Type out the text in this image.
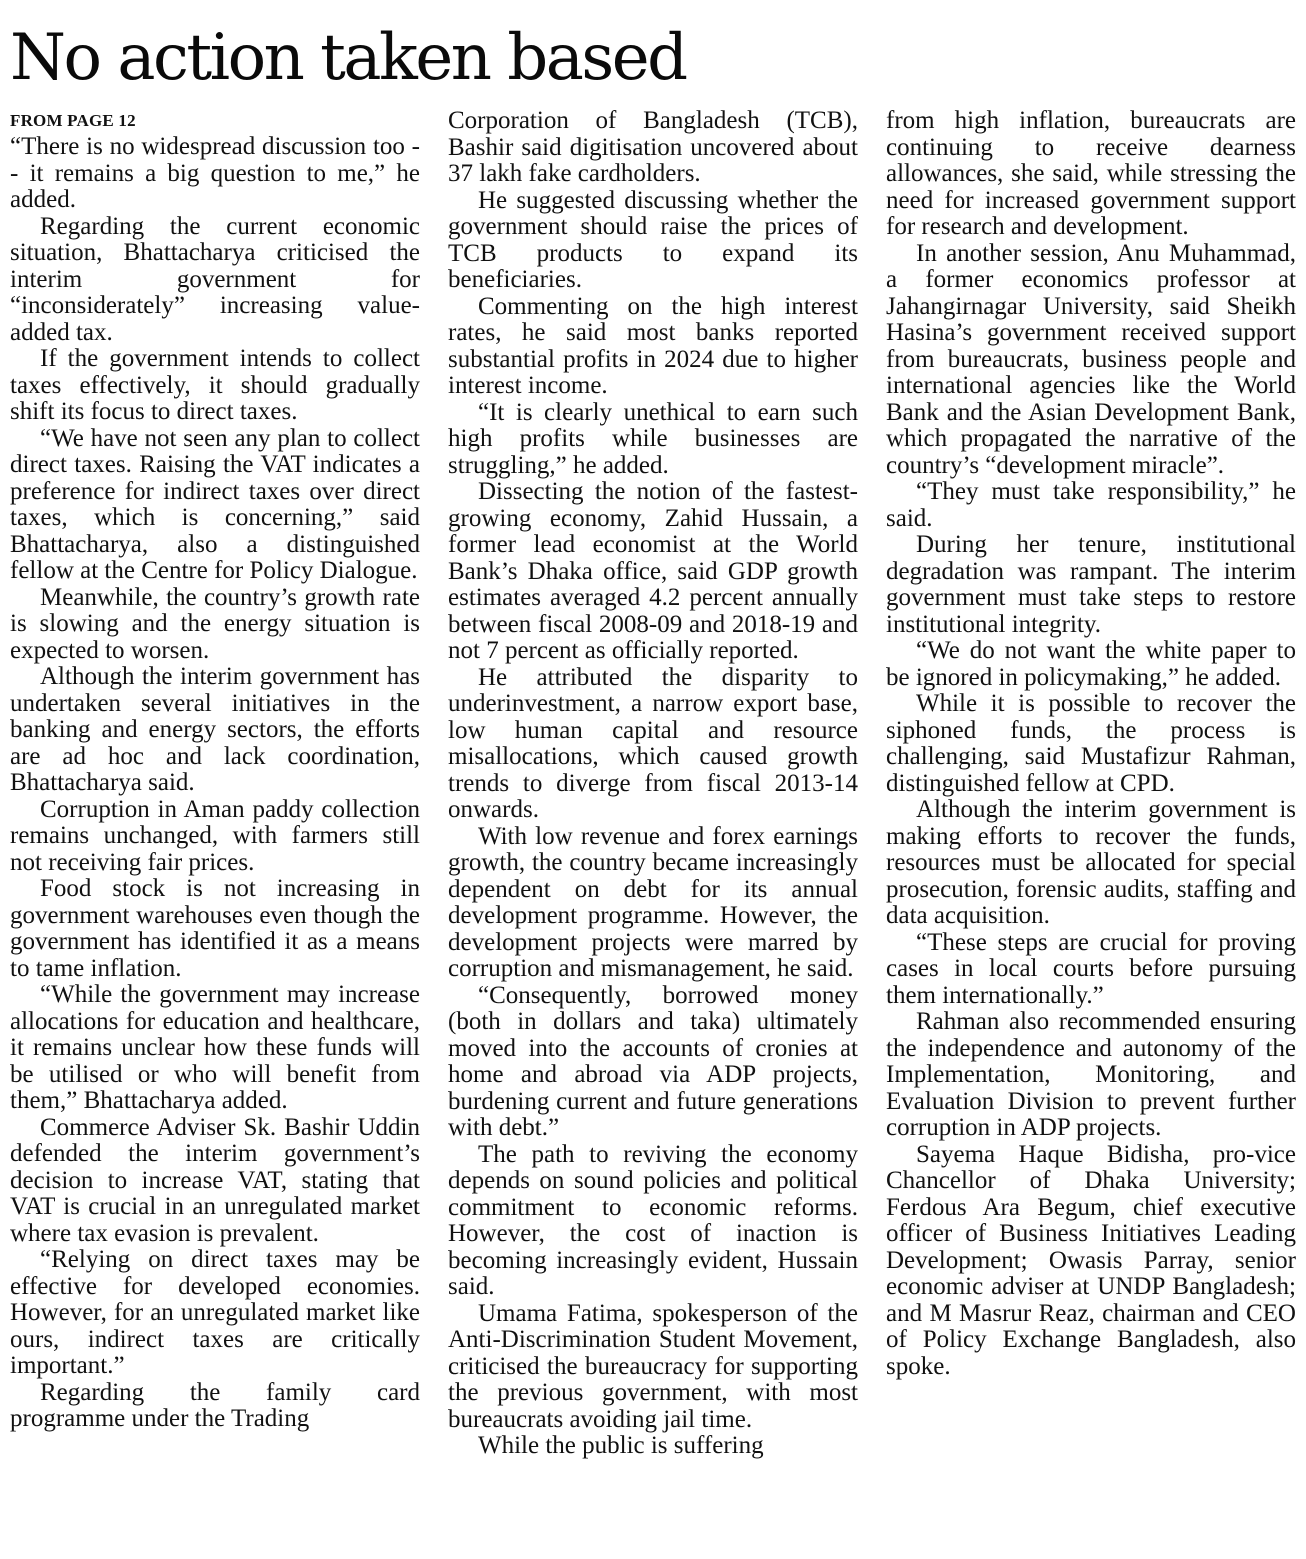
No action taken based
FROM PAGE 12

“There is no widespread discussion too -- it remains a big question to me,” he added.

Regarding the current economic situation, Bhattacharya criticised the interim government for “inconsiderately” increasing value-added tax.

If the government intends to collect taxes effectively, it should gradually shift its focus to direct taxes.

“We have not seen any plan to collect direct taxes. Raising the VAT indicates a preference for indirect taxes over direct taxes, which is concerning,” said Bhattacharya, also a distinguished fellow at the Centre for Policy Dialogue.

Meanwhile, the country’s growth rate is slowing and the energy situation is expected to worsen.

Although the interim government has undertaken several initiatives in the banking and energy sectors, the efforts are ad hoc and lack coordination, Bhattacharya said.

Corruption in Aman paddy collection remains unchanged, with farmers still not receiving fair prices.

Food stock is not increasing in government warehouses even though the government has identified it as a means to tame inflation.

“While the government may increase allocations for education and healthcare, it remains unclear how these funds will be utilised or who will benefit from them,” Bhattacharya added.

Commerce Adviser Sk. Bashir Uddin defended the interim government’s decision to increase VAT, stating that VAT is crucial in an unregulated market where tax evasion is prevalent.

“Relying on direct taxes may be effective for developed economies. However, for an unregulated market like ours, indirect taxes are critically important.”

Regarding the family card programme under the Trading

Corporation of Bangladesh (TCB), Bashir said digitisation uncovered about 37 lakh fake cardholders.

He suggested discussing whether the government should raise the prices of TCB products to expand its beneficiaries.

Commenting on the high interest rates, he said most banks reported substantial profits in 2024 due to higher interest income.

“It is clearly unethical to earn such high profits while businesses are struggling,” he added.

Dissecting the notion of the fastest-growing economy, Zahid Hussain, a former lead economist at the World Bank’s Dhaka office, said GDP growth estimates averaged 4.2 percent annually between fiscal 2008-09 and 2018-19 and not 7 percent as officially reported.

He attributed the disparity to underinvestment, a narrow export base, low human capital and resource misallocations, which caused growth trends to diverge from fiscal 2013-14 onwards.

With low revenue and forex earnings growth, the country became increasingly dependent on debt for its annual development programme. However, the development projects were marred by corruption and mismanagement, he said.

“Consequently, borrowed money (both in dollars and taka) ultimately moved into the accounts of cronies at home and abroad via ADP projects, burdening current and future generations with debt.”

The path to reviving the economy depends on sound policies and political commitment to economic reforms. However, the cost of inaction is becoming increasingly evident, Hussain said.

Umama Fatima, spokesperson of the Anti-Discrimination Student Movement, criticised the bureaucracy for supporting the previous government, with most bureaucrats avoiding jail time.

While the public is suffering

from high inflation, bureaucrats are continuing to receive dearness allowances, she said, while stressing the need for increased government support for research and development.

In another session, Anu Muhammad, a former economics professor at Jahangirnagar University, said Sheikh Hasina’s government received support from bureaucrats, business people and international agencies like the World Bank and the Asian Development Bank, which propagated the narrative of the country’s “development miracle”.

“They must take responsibility,” he said.

During her tenure, institutional degradation was rampant. The interim government must take steps to restore institutional integrity.

“We do not want the white paper to be ignored in policymaking,” he added.

While it is possible to recover the siphoned funds, the process is challenging, said Mustafizur Rahman, distinguished fellow at CPD.

Although the interim government is making efforts to recover the funds, resources must be allocated for special prosecution, forensic audits, staffing and data acquisition.

“These steps are crucial for proving cases in local courts before pursuing them internationally.”

Rahman also recommended ensuring the independence and autonomy of the Implementation, Monitoring, and Evaluation Division to prevent further corruption in ADP projects.

Sayema Haque Bidisha, pro-vice Chancellor of Dhaka University; Ferdous Ara Begum, chief executive officer of Business Initiatives Leading Development; Owasis Parray, senior economic adviser at UNDP Bangladesh; and M Masrur Reaz, chairman and CEO of Policy Exchange Bangladesh, also spoke.
